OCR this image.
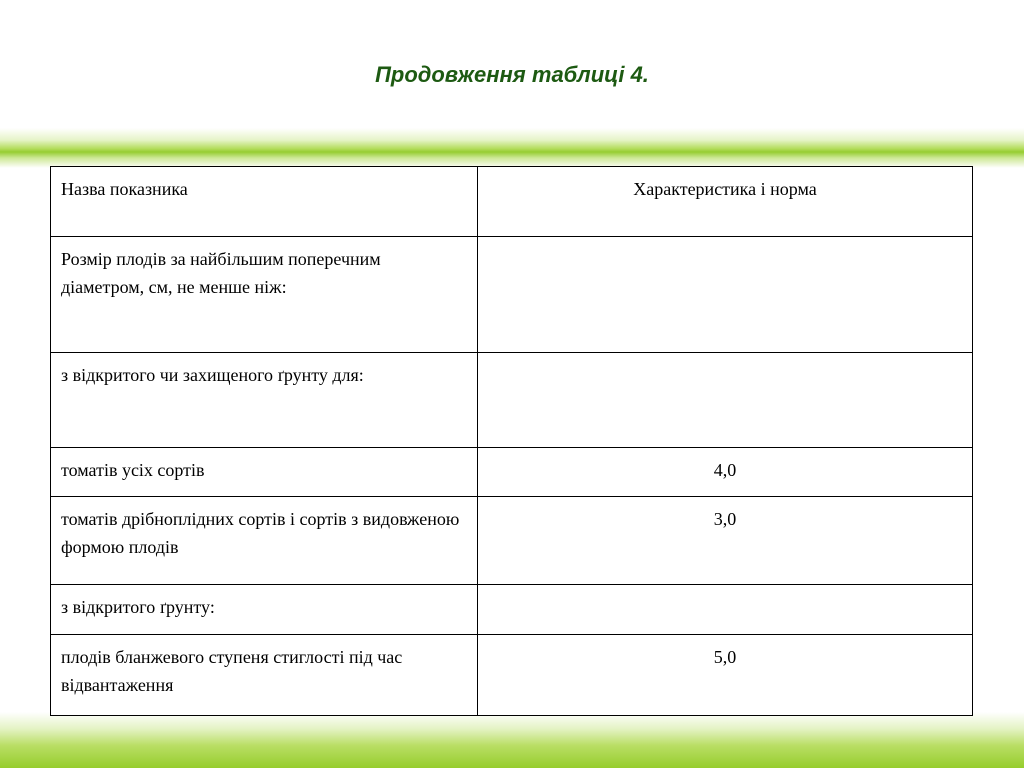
Продовження таблиці 4.
Назва показника	Характеристика і норма
Розмір плодів за найбільшим поперечним діаметром, см, не менше ніж:	
з відкритого чи захищеного ґрунту для:	
томатів усіх сортів	4,0
томатів дрібноплідних сортів і сортів з видовженою формою плодів	3,0
з відкритого ґрунту:	
плодів бланжевого ступеня стиглості під час відвантаження	5,0
